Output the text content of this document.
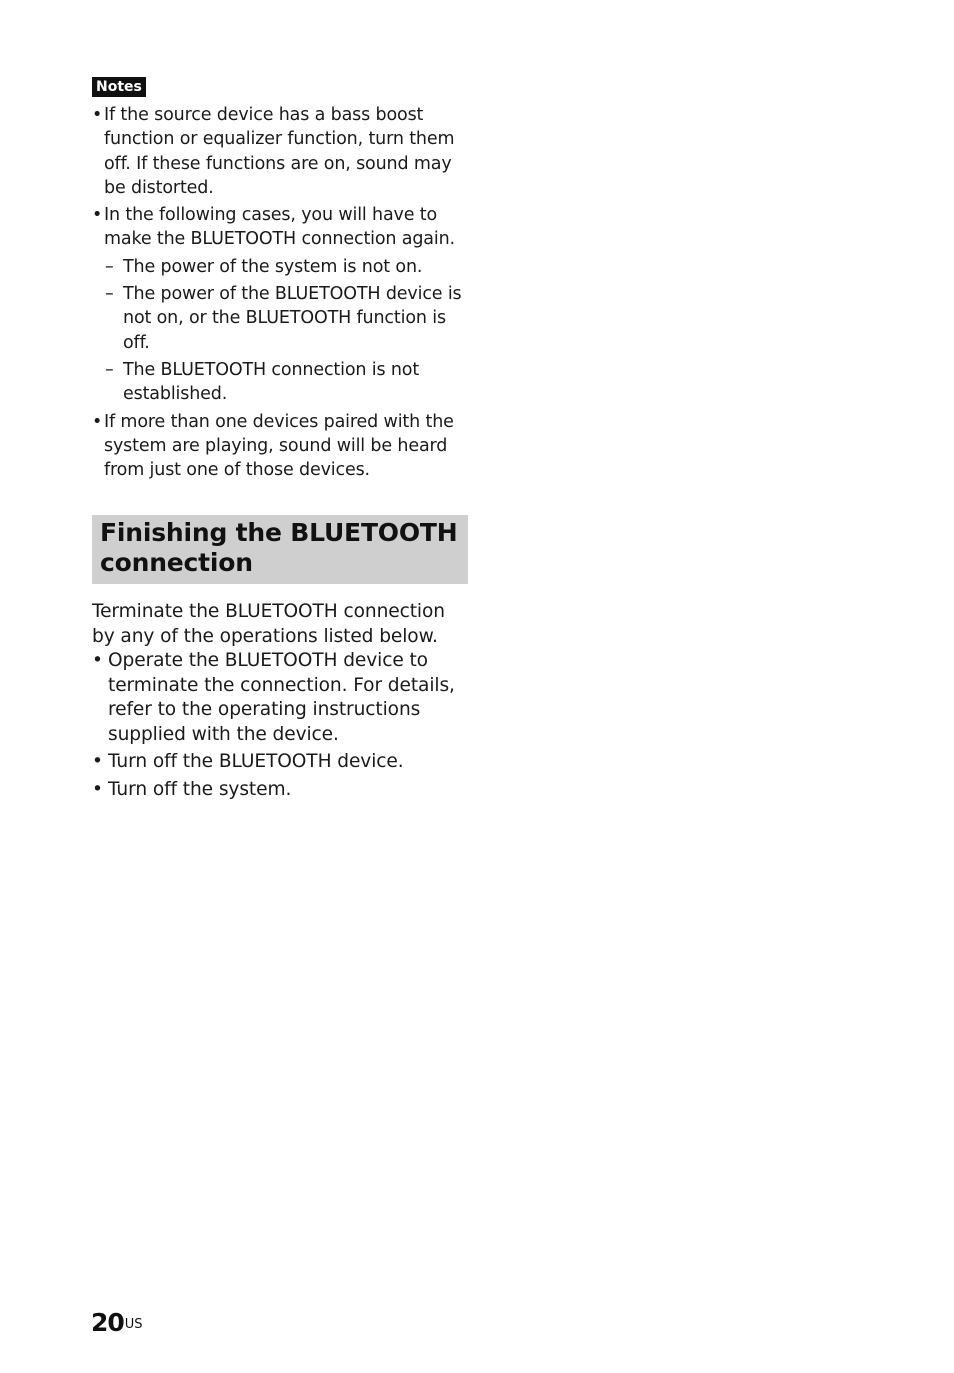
Notes
• If the source device has a bass boost function or equalizer function, turn them off. If these functions are on, sound may be distorted.
• In the following cases, you will have to make the BLUETOOTH connection again.
– The power of the system is not on.
– The power of the BLUETOOTH device is not on, or the BLUETOOTH function is off.
– The BLUETOOTH connection is not established.
• If more than one devices paired with the system are playing, sound will be heard from just one of those devices.
Finishing the BLUETOOTH connection

Terminate the BLUETOOTH connection by any of the operations listed below.

• Operate the BLUETOOTH device to terminate the connection. For details, refer to the operating instructions supplied with the device.
• Turn off the BLUETOOTH device.
• Turn off the system.
$20^{US}$
